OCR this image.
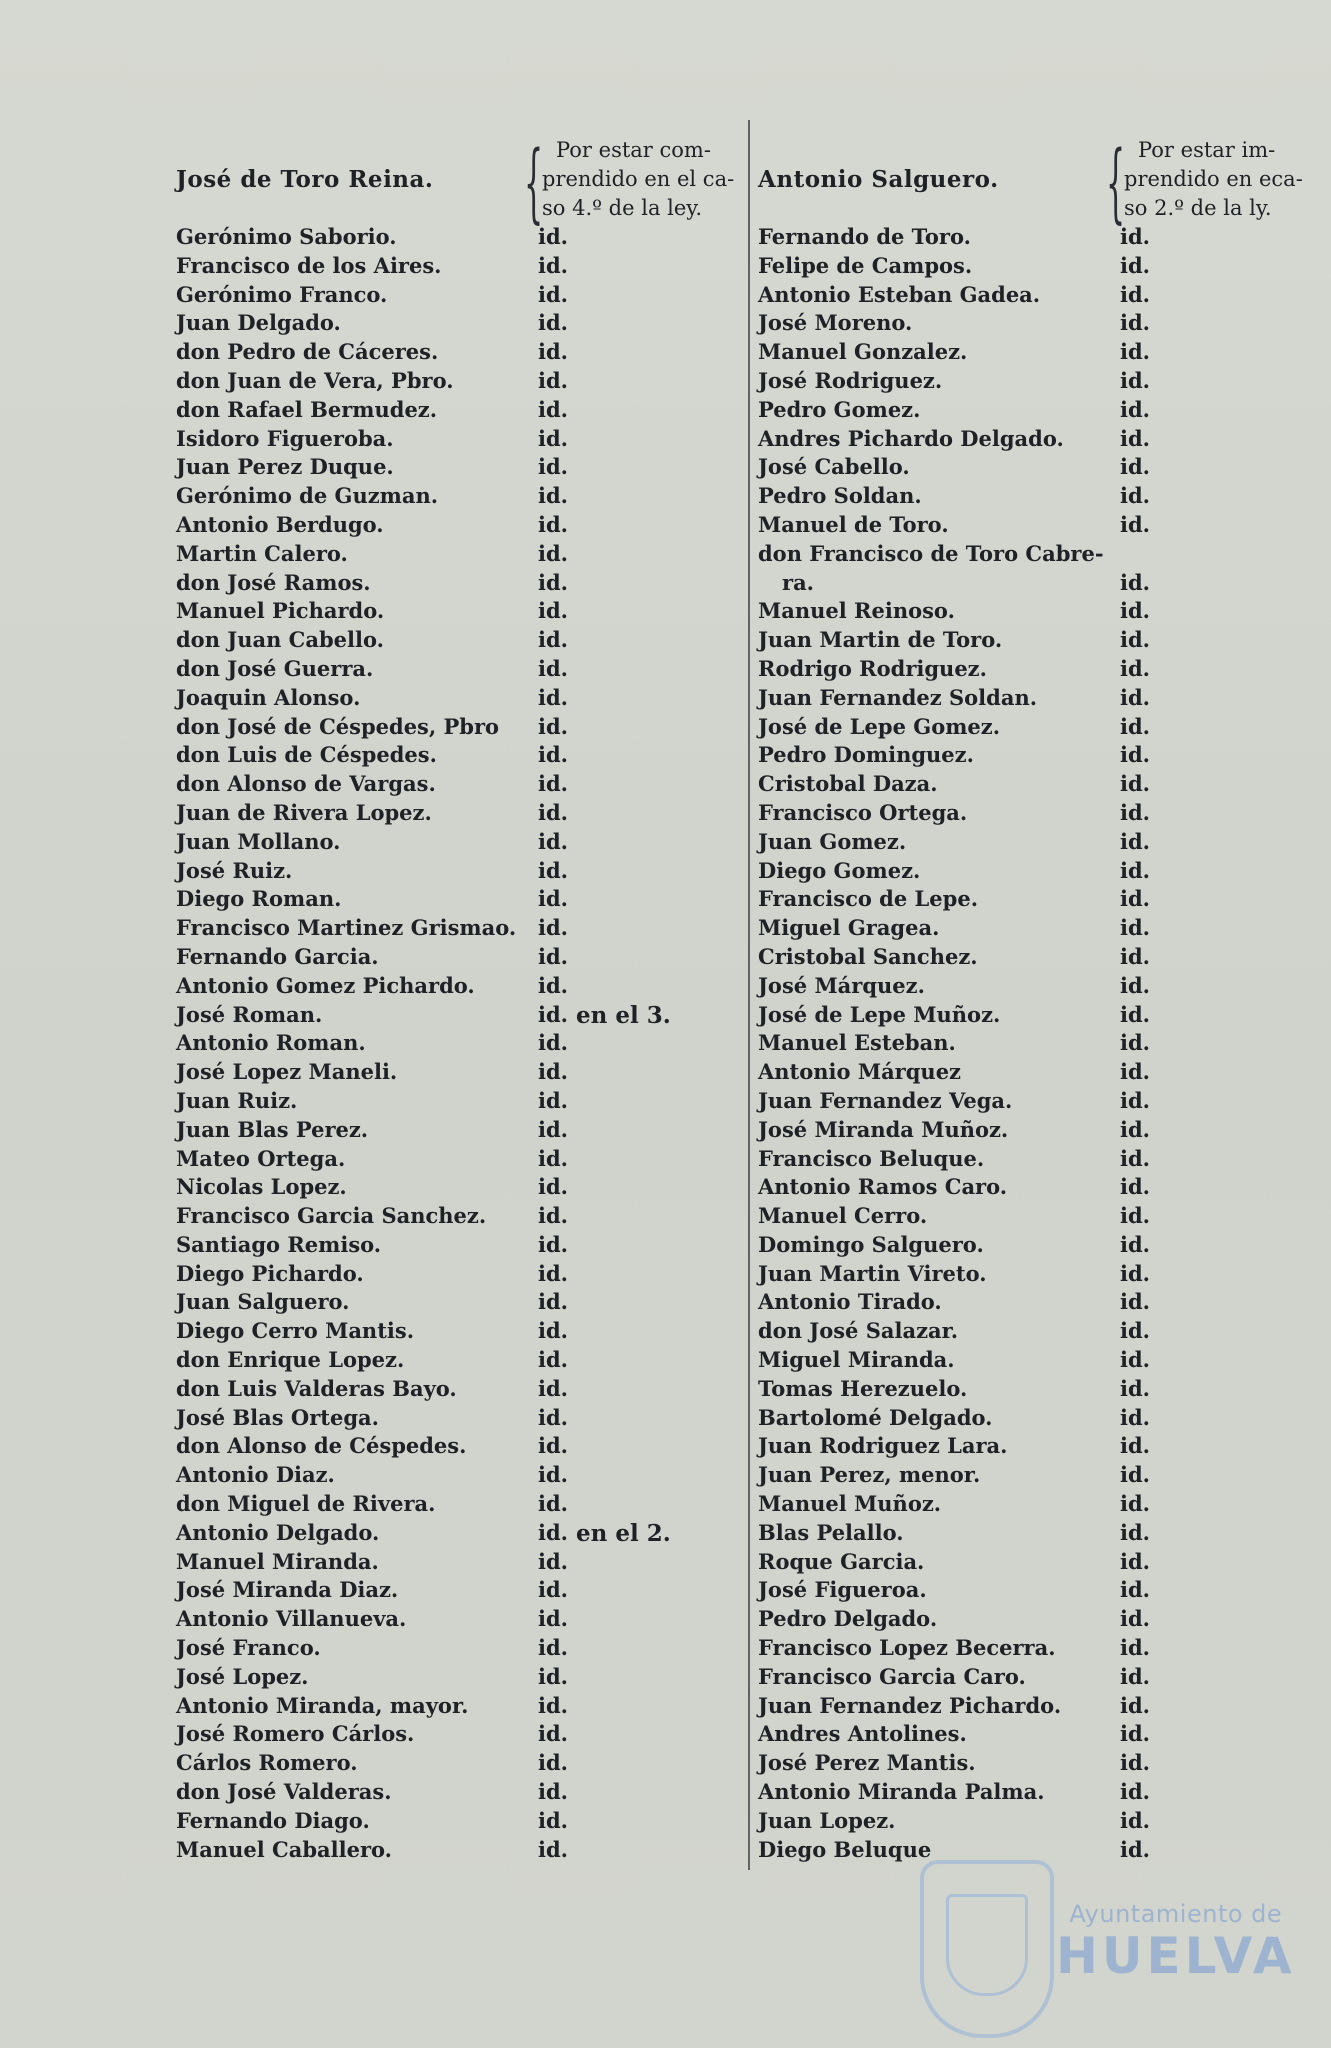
José de Toro Reina. { Por estar com-
prendido en el ca-
so 4.º de la ley.
Gerónimo Saborio.	id.
Francisco de los Aires.	id.
Gerónimo Franco.	id.
Juan Delgado.	id.
don Pedro de Cáceres.	id.
don Juan de Vera, Pbro.	id.
don Rafael Bermudez.	id.
Isidoro Figueroba.	id.
Juan Perez Duque.	id.
Gerónimo de Guzman.	id.
Antonio Berdugo.	id.
Martin Calero.	id.
don José Ramos.	id.
Manuel Pichardo.	id.
don Juan Cabello.	id.
don José Guerra.	id.
Joaquin Alonso.	id.
don José de Céspedes, Pbro id.
don Luis de Céspedes.	id.
don Alonso de Vargas.	id.
Juan de Rivera Lopez.	id.
Juan Mollano.	id.
José Ruiz.	id.
Diego Roman.	id.
Francisco Martinez Grismao. id.
Fernando Garcia.	id.
Antonio Gomez Pichardo.	id.
José Roman.	id. en el 3.
Antonio Roman.	id.
José Lopez Maneli.	id.
Juan Ruiz.	id.
Juan Blas Perez.	id.
Mateo Ortega.	id.
Nicolas Lopez.	id.
Francisco Garcia Sanchez. id.
Santiago Remiso.	id.
Diego Pichardo.	id.
Juan Salguero.	id.
Diego Cerro Mantis.	id.
don Enrique Lopez.	id.
don Luis Valderas Bayo.	id.
José Blas Ortega.	id.
don Alonso de Céspedes.	id.
Antonio Diaz.	id.
don Miguel de Rivera.	id.
Antonio Delgado.	id. en el 2.
Manuel Miranda.	id.
José Miranda Diaz.	id.
Antonio Villanueva.	id.
José Franco.	id.
José Lopez.	id.
Antonio Miranda, mayor.	id.
José Romero Cárlos.	id.
Cárlos Romero.	id.
don José Valderas.	id.
Fernando Diago.	id.
Manuel Caballero.	id.
Antonio Salguero. { Por estar im-
prendido en eca-
so 2.º de la ly.
Fernando de Toro.	id.
Felipe de Campos.	id.
Antonio Esteban Gadea.	id.
José Moreno.	id.
Manuel Gonzalez.	id.
José Rodriguez.	id.
Pedro Gomez.	id.
Andres Pichardo Delgado.	id.
José Cabello.	id.
Pedro Soldan.	id.
Manuel de Toro.	id.
don Francisco de Toro Cabre-
ra.	id.
Manuel Reinoso.	id.
Juan Martin de Toro.	id.
Rodrigo Rodriguez.	id.
Juan Fernandez Soldan.	id.
José de Lepe Gomez.	id.
Pedro Dominguez.	id.
Cristobal Daza.	id.
Francisco Ortega.	id.
Juan Gomez.	id.
Diego Gomez.	id.
Francisco de Lepe.	id.
Miguel Gragea.	id.
Cristobal Sanchez.	id.
José Márquez.	id.
José de Lepe Muñoz.	id.
Manuel Esteban.	id.
Antonio Márquez	id.
Juan Fernandez Vega.	id.
José Miranda Muñoz.	id.
Francisco Beluque.	id.
Antonio Ramos Caro.	id.
Manuel Cerro.	id.
Domingo Salguero.	id.
Juan Martin Vireto.	id.
Antonio Tirado.	id.
don José Salazar.	id.
Miguel Miranda.	id.
Tomas Herezuelo.	id.
Bartolomé Delgado.	id.
Juan Rodriguez Lara.	id.
Juan Perez, menor.	id.
Manuel Muñoz.	id.
Blas Pelallo.	id.
Roque Garcia.	id.
José Figueroa.	id.
Pedro Delgado.	id.
Francisco Lopez Becerra.	id.
Francisco Garcia Caro.	id.
Juan Fernandez Pichardo.	id.
Andres Antolines.	id.
José Perez Mantis.	id.
Antonio Miranda Palma.	id.
Juan Lopez.	id.
Diego Beluque	id.
Ayuntamiento de
HUELVA
